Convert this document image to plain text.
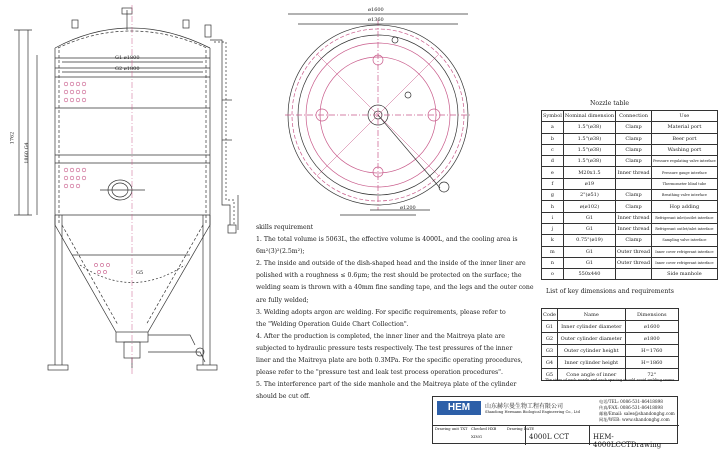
G1 ø1800
G2 ø1800
1762
1860 G4
G5
ø1600
ø1360
ø1200
skills requirement
1. The total volume is 5063L, the effective volume is 4000L, and the cooling area is
6m²(3)²(2.5m²);
2. The inside and outside of the dish-shaped head and the inside of the inner liner are
polished with a roughness ≤ 0.6μm; the rest should be protected on the surface; the
welding seam is thrown with a 40mm fine sanding tape, and the legs and the outer cone
are fully welded;
3. Welding adopts argon arc welding. For specific requirements, please refer to
the "Welding Operation Guide Chart Collection".
4. After the production is completed, the inner liner and the Maitreya plate are
subjected to hydraulic pressure tests respectively. The test pressures of the inner
liner and the Maitreya plate are both 0.3MPa. For the specific operating procedures,
please refer to the "pressure test and leak test process operation procedures".
5. The interference part of the side manhole and the Maitreya plate of the cylinder
should be cut off.
Nozzle table
Symbol	Nominal dimension	Connection	Use
a	1.5"(ø38)	Clamp	Material port
b	1.5"(ø38)	Clamp	Beer port
c	1.5"(ø38)	Clamp	Washing port
d	1.5"(ø38)	Clamp	Pressure regulating valve interface
e	M20x1.5	Inner thread	Pressure gauge interface
f	ø19		Thermometer blind tube
g	2"(ø51)	Clamp	Breathing valve interface
h	ø(ø102)	Clamp	Hop adding
i	G1	Inner thread	Refrigerant inlet/outlet interface
j	G1	Inner thread	Refrigerant outlet/inlet interface
k	0.75"(ø19)	Clamp	Sampling valve interface
m	G1	Outer thread	Inner cover refrigerant interface
n	G1	Outer thread	Inner cover refrigerant interface
o	550x440		Side manhole
List of key dimensions and requirements
Code	Name	Dimensions
G1	Inner cylinder diameter	ø1600
G2	Outer cylinder diameter	ø1800
G3	Outer cylinder height	H=1760
G4	Inner cylinder height	H=1860
G5	Cone angle of inner	72°
The sides of each nozzle and each spacing should avoid welding seams
HEM	山东赫尔曼生物工程有限公司
Shandong Hermann Biological Engineering Co., Ltd
电话/TEL: 0086-531-86418898
传真/FAX: 0086-531-86418898
邮箱/Email: sales@shandonghg.com
网址/WEB: www.shandonghg.com
Drawing unit TXT Checked HXB	Drawing DATE
XING	4000L CCT	HEM-4000LCCTDrawing
